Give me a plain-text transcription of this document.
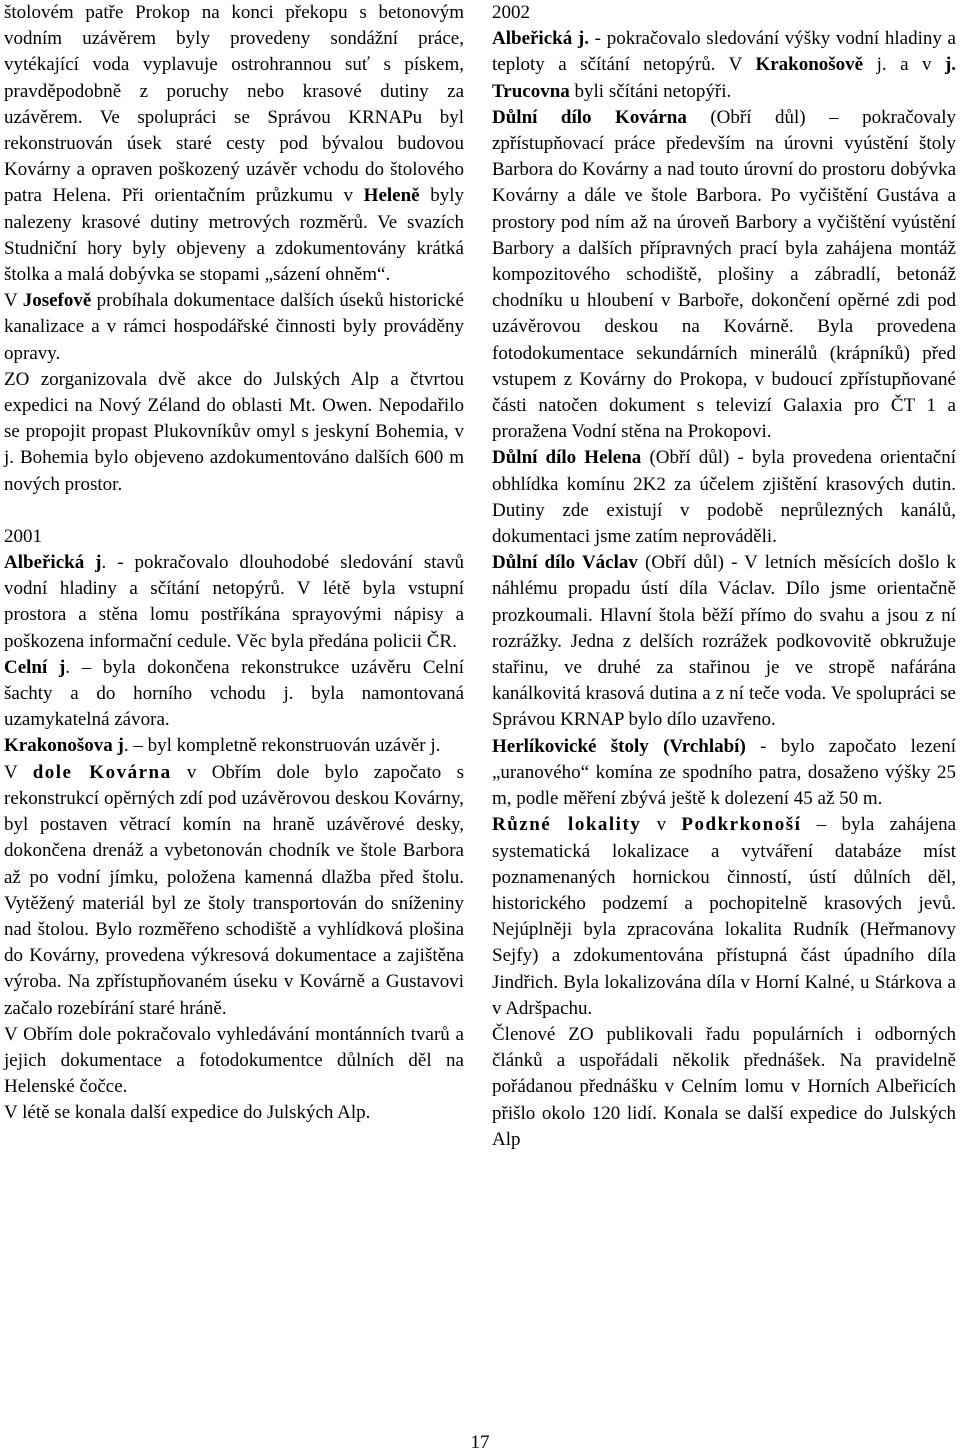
štolovém patře Prokop na konci překopu s betonovým vodním uzávěrem byly provedeny sondážní práce, vytékající voda vyplavuje ostrohrannou suť s pískem, pravděpodobně z poruchy nebo krasové dutiny za uzávěrem. Ve spolupráci se Správou KRNAPu byl rekonstruován úsek staré cesty pod bývalou budovou Kovárny a opraven poškozený uzávěr vchodu do štolového patra Helena. Při orientačním průzkumu v Heleně byly nalezeny krasové dutiny metrových rozměrů. Ve svazích Studniční hory byly objeveny a zdokumentovány krátká štolka a malá dobývka se stopami „sázení ohněm“.

V Josefově probíhala dokumentace dalších úseků historické kanalizace a v rámci hospodářské činnosti byly prováděny opravy.

ZO zorganizovala dvě akce do Julských Alp a čtvrtou expedici na Nový Zéland do oblasti Mt. Owen. Nepodařilo se propojit propast Plukovníkův omyl s jeskyní Bohemia, v j. Bohemia bylo objeveno azdokumentováno dalších 600 m nových prostor.

2001

Albeřická j. - pokračovalo dlouhodobé sledování stavů vodní hladiny a sčítání netopýrů. V létě byla vstupní prostora a stěna lomu postříkána sprayovými nápisy a poškozena informační cedule. Věc byla předána policii ČR.

Celní j. – byla dokončena rekonstrukce uzávěru Celní šachty a do horního vchodu j. byla namontovaná uzamykatelná závora.

Krakonošova j. – byl kompletně rekonstruován uzávěr j.

V dole Kovárna v Obřím dole bylo započato s rekonstrukcí opěrných zdí pod uzávěrovou deskou Kovárny, byl postaven větrací komín na hraně uzávěrové desky, dokončena drenáž a vybetonován chodník ve štole Barbora až po vodní jímku, položena kamenná dlažba před štolu. Vytěžený materiál byl ze štoly transportován do sníženiny nad štolou. Bylo rozměřeno schodiště a vyhlídková plošina do Kovárny, provedena výkresová dokumentace a zajištěna výroba. Na zpřístupňovaném úseku v Kovárně a Gustavovi začalo rozebírání staré hráně.

V Obřím dole pokračovalo vyhledávání montánních tvarů a jejich dokumentace a fotodokumentce důlních děl na Helenské čočce.

V létě se konala další expedice do Julských Alp.

2002

Albeřická j. - pokračovalo sledování výšky vodní hladiny a teploty a sčítání netopýrů. V Krakonošově j. a v j. Trucovna byli sčítáni netopýři.

Důlní dílo Kovárna (Obří důl) – pokračovaly zpřístupňovací práce především na úrovni vyústění štoly Barbora do Kovárny a nad touto úrovní do prostoru dobývka Kovárny a dále ve štole Barbora. Po vyčištění Gustáva a prostory pod ním až na úroveň Barbory a vyčištění vyústění Barbory a dalších přípravných prací byla zahájena montáž kompozitového schodiště, plošiny a zábradlí, betonáž chodníku u hloubení v Barboře, dokončení opěrné zdi pod uzávěrovou deskou na Kovárně. Byla provedena fotodokumentace sekundárních minerálů (krápníků) před vstupem z Kovárny do Prokopa, v budoucí zpřístupňované části natočen dokument s televizí Galaxia pro ČT 1 a proražena Vodní stěna na Prokopovi.

Důlní dílo Helena (Obří důl) - byla provedena orientační obhlídka komínu 2K2 za účelem zjištění krasových dutin. Dutiny zde existují v podobě neprůlezných kanálů, dokumentaci jsme zatím neprováděli.

Důlní dílo Václav (Obří důl) - V letních měsících došlo k náhlému propadu ústí díla Václav. Dílo jsme orientačně prozkoumali. Hlavní štola běží přímo do svahu a jsou z ní rozrážky. Jedna z delších rozrážek podkovovitě obkružuje stařinu, ve druhé za stařinou je ve stropě nafárána kanálkovitá krasová dutina a z ní teče voda. Ve spolupráci se Správou KRNAP bylo dílo uzavřeno.

Herlíkovické štoly (Vrchlabí) - bylo započato lezení „uranového“ komína ze spodního patra, dosaženo výšky 25 m, podle měření zbývá ještě k dolezení 45 až 50 m.

Různé lokality v Podkrkonoší – byla zahájena systematická lokalizace a vytváření databáze míst poznamenaných hornickou činností, ústí důlních děl, historického podzemí a pochopitelně krasových jevů. Nejúplněji byla zpracována lokalita Rudník (Heřmanovy Sejfy) a zdokumentována přístupná část úpadního díla Jindřich. Byla lokalizována díla v Horní Kalné, u Stárkova a v Adršpachu.

Členové ZO publikovali řadu populárních i odborných článků a uspořádali několik přednášek. Na pravidelně pořádanou přednášku v Celním lomu v Horních Albeřicích přišlo okolo 120 lidí. Konala se další expedice do Julských Alp

17
